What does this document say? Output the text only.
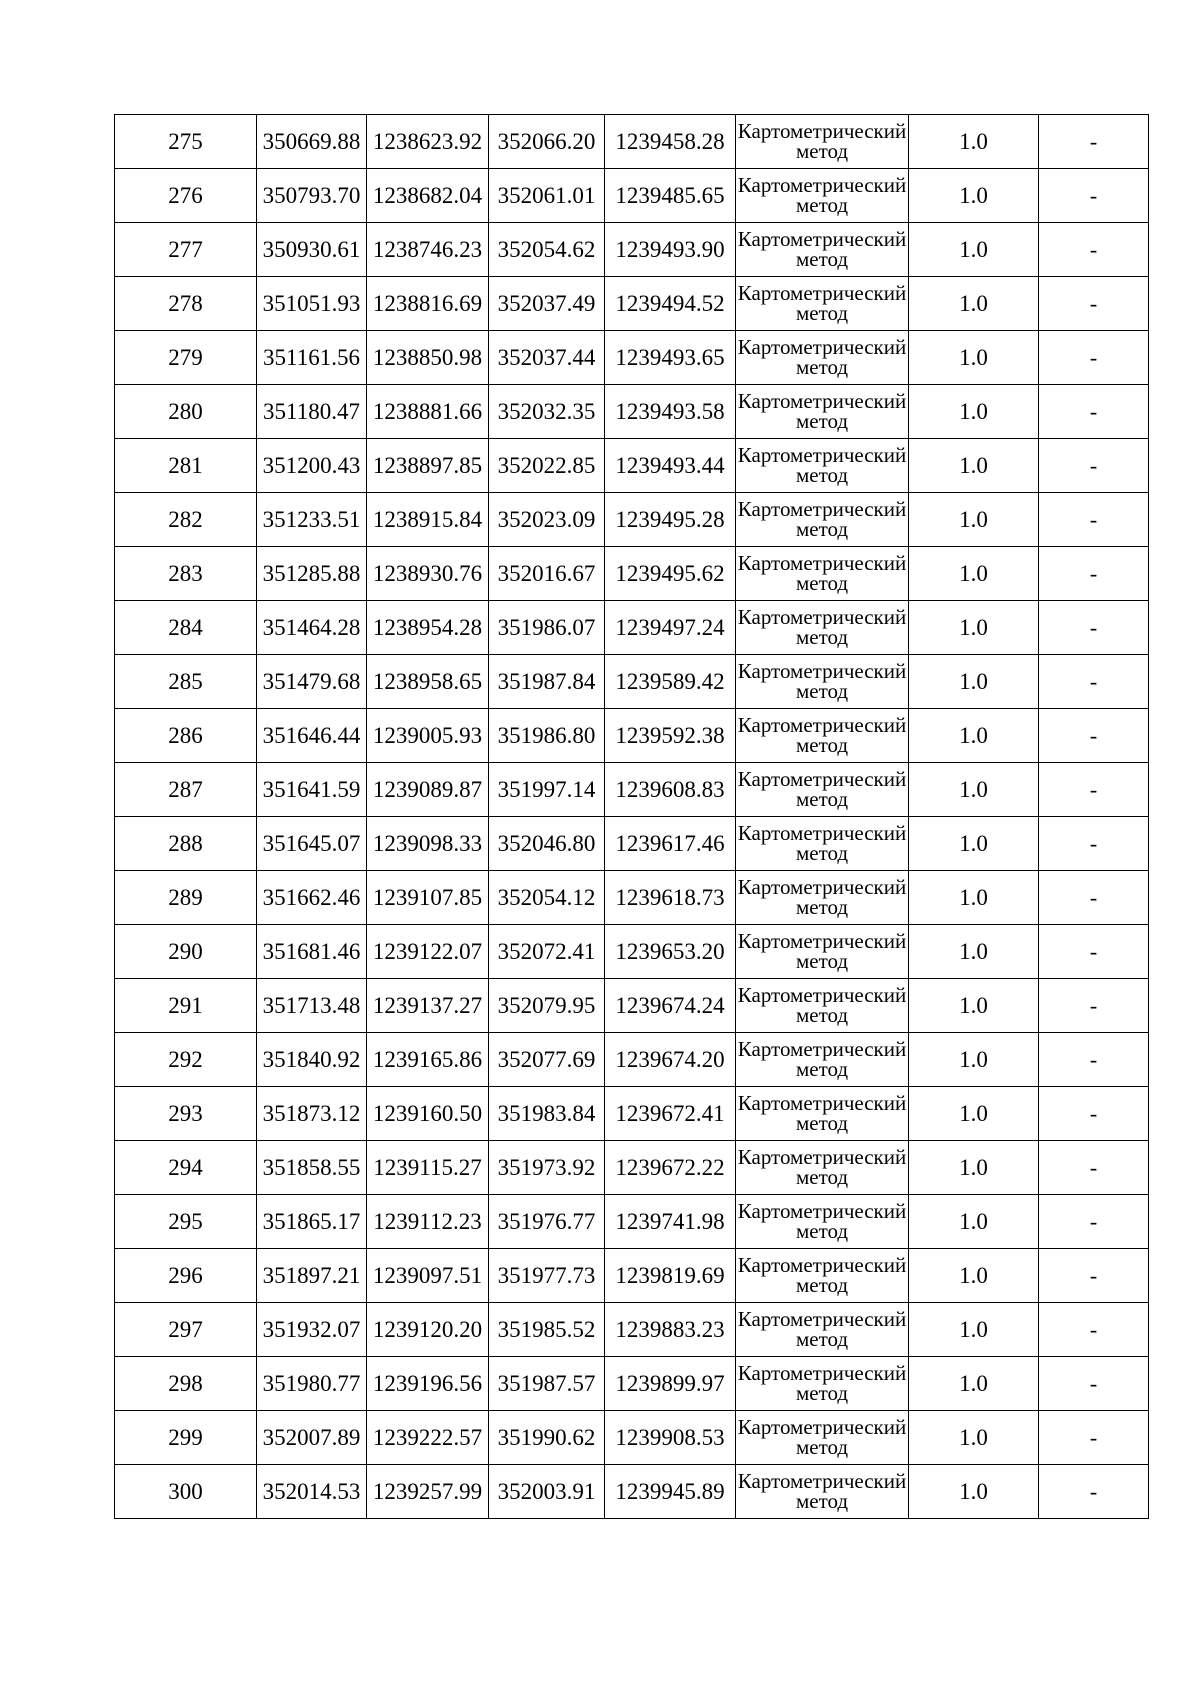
275	350669.88	1238623.92	352066.20	1239458.28	Картометрический метод	1.0	-
276	350793.70	1238682.04	352061.01	1239485.65	Картометрический метод	1.0	-
277	350930.61	1238746.23	352054.62	1239493.90	Картометрический метод	1.0	-
278	351051.93	1238816.69	352037.49	1239494.52	Картометрический метод	1.0	-
279	351161.56	1238850.98	352037.44	1239493.65	Картометрический метод	1.0	-
280	351180.47	1238881.66	352032.35	1239493.58	Картометрический метод	1.0	-
281	351200.43	1238897.85	352022.85	1239493.44	Картометрический метод	1.0	-
282	351233.51	1238915.84	352023.09	1239495.28	Картометрический метод	1.0	-
283	351285.88	1238930.76	352016.67	1239495.62	Картометрический метод	1.0	-
284	351464.28	1238954.28	351986.07	1239497.24	Картометрический метод	1.0	-
285	351479.68	1238958.65	351987.84	1239589.42	Картометрический метод	1.0	-
286	351646.44	1239005.93	351986.80	1239592.38	Картометрический метод	1.0	-
287	351641.59	1239089.87	351997.14	1239608.83	Картометрический метод	1.0	-
288	351645.07	1239098.33	352046.80	1239617.46	Картометрический метод	1.0	-
289	351662.46	1239107.85	352054.12	1239618.73	Картометрический метод	1.0	-
290	351681.46	1239122.07	352072.41	1239653.20	Картометрический метод	1.0	-
291	351713.48	1239137.27	352079.95	1239674.24	Картометрический метод	1.0	-
292	351840.92	1239165.86	352077.69	1239674.20	Картометрический метод	1.0	-
293	351873.12	1239160.50	351983.84	1239672.41	Картометрический метод	1.0	-
294	351858.55	1239115.27	351973.92	1239672.22	Картометрический метод	1.0	-
295	351865.17	1239112.23	351976.77	1239741.98	Картометрический метод	1.0	-
296	351897.21	1239097.51	351977.73	1239819.69	Картометрический метод	1.0	-
297	351932.07	1239120.20	351985.52	1239883.23	Картометрический метод	1.0	-
298	351980.77	1239196.56	351987.57	1239899.97	Картометрический метод	1.0	-
299	352007.89	1239222.57	351990.62	1239908.53	Картометрический метод	1.0	-
300	352014.53	1239257.99	352003.91	1239945.89	Картометрический метод	1.0	-
